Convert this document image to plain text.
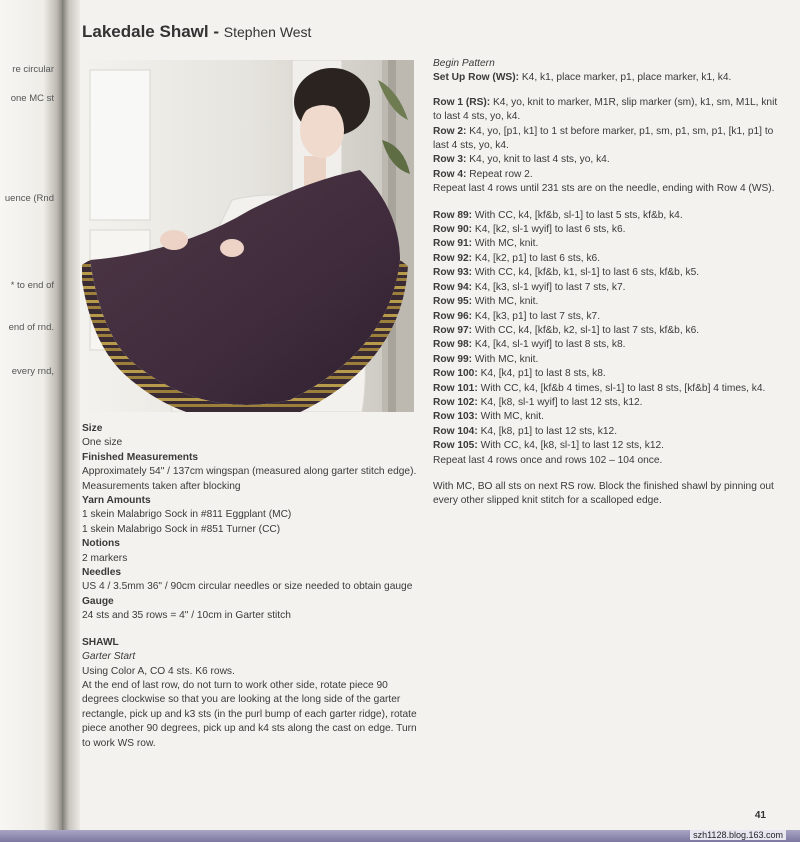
re circular
one MC st
uence (Rnd
* to end of
end of rnd.
every rnd,
Lakedale Shawl - Stephen West
Size
One size
Finished Measurements
Approximately 54" / 137cm wingspan (measured along garter stitch edge). Measurements taken after blocking
Yarn Amounts
1 skein Malabrigo Sock in #811 Eggplant (MC)
1 skein Malabrigo Sock in #851 Turner (CC)
Notions
2 markers
Needles
US 4 / 3.5mm 36" / 90cm circular needles or size needed to obtain gauge
Gauge
24 sts and 35 rows = 4" / 10cm in Garter stitch
SHAWL
Garter Start
Using Color A, CO 4 sts. K6 rows.
At the end of last row, do not turn to work other side, rotate piece 90 degrees clockwise so that you are looking at the long side of the garter rectangle, pick up and k3 sts (in the purl bump of each garter ridge), rotate piece another 90 degrees, pick up and k4 sts along the cast on edge. Turn to work WS row.
Begin Pattern
Set Up Row (WS): K4, k1, place marker, p1, place marker, k1, k4.
Row 1 (RS): K4, yo, knit to marker, M1R, slip marker (sm), k1, sm, M1L, knit to last 4 sts, yo, k4.
Row 2: K4, yo, [p1, k1] to 1 st before marker, p1, sm, p1, sm, p1, [k1, p1] to last 4 sts, yo, k4.
Row 3: K4, yo, knit to last 4 sts, yo, k4.
Row 4: Repeat row 2.
Repeat last 4 rows until 231 sts are on the needle, ending with Row 4 (WS).
Row 89: With CC, k4, [kf&b, sl-1] to last 5 sts, kf&b, k4.
Row 90: K4, [k2, sl-1 wyif] to last 6 sts, k6.
Row 91: With MC, knit.
Row 92: K4, [k2, p1] to last 6 sts, k6.
Row 93: With CC, k4, [kf&b, k1, sl-1] to last 6 sts, kf&b, k5.
Row 94: K4, [k3, sl-1 wyif] to last 7 sts, k7.
Row 95: With MC, knit.
Row 96: K4, [k3, p1] to last 7 sts, k7.
Row 97: With CC, k4, [kf&b, k2, sl-1] to last 7 sts, kf&b, k6.
Row 98: K4, [k4, sl-1 wyif] to last 8 sts, k8.
Row 99: With MC, knit.
Row 100: K4, [k4, p1] to last 8 sts, k8.
Row 101: With CC, k4, [kf&b 4 times, sl-1] to last 8 sts, [kf&b] 4 times, k4.
Row 102: K4, [k8, sl-1 wyif] to last 12 sts, k12.
Row 103: With MC, knit.
Row 104: K4, [k8, p1] to last 12 sts, k12.
Row 105: With CC, k4, [k8, sl-1] to last 12 sts, k12.
Repeat last 4 rows once and rows 102 – 104 once.
With MC, BO all sts on next RS row. Block the finished shawl by pinning out every other slipped knit stitch for a scalloped edge.
41
szh1128.blog.163.com
